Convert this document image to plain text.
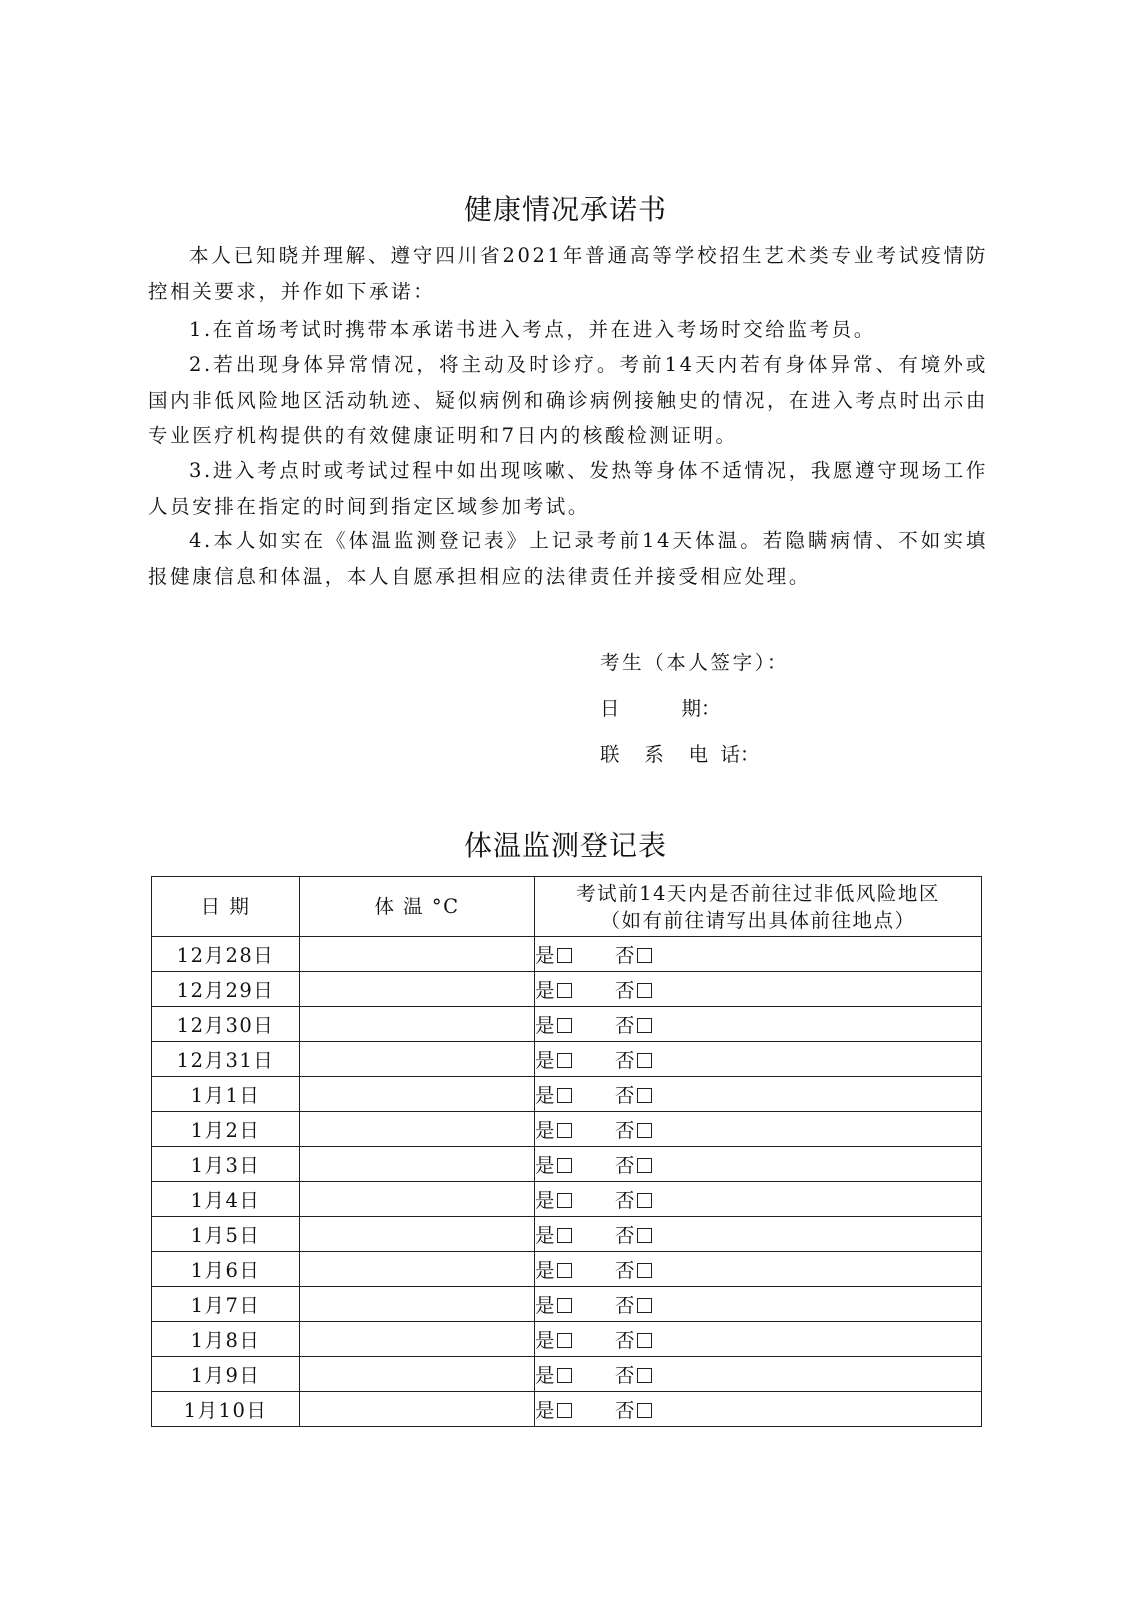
健康情况承诺书

本人已知晓并理解、遵守四川省2021年普通高等学校招生艺术类专业考试疫情防控相关要求，并作如下承诺：

1.在首场考试时携带本承诺书进入考点，并在进入考场时交给监考员。

2.若出现身体异常情况，将主动及时诊疗。考前14天内若有身体异常、有境外或国内非低风险地区活动轨迹、疑似病例和确诊病例接触史的情况，在进入考点时出示由专业医疗机构提供的有效健康证明和7日内的核酸检测证明。

3.进入考点时或考试过程中如出现咳嗽、发热等身体不适情况，我愿遵守现场工作人员安排在指定的时间到指定区域参加考试。

4.本人如实在《体温监测登记表》上记录考前14天体温。若隐瞒病情、不如实填报健康信息和体温，本人自愿承担相应的法律责任并接受相应处理。

考生（本人签字）：

日          期：

联    系    电  话：

体温监测登记表
日 期	体 温 °C	考试前14天内是否前往过非低风险地区
（如有前往请写出具体前往地点）

12月28日		是 否
12月29日		是 否
12月30日		是 否
12月31日		是 否
1月1日		是 否
1月2日		是 否
1月3日		是 否
1月4日		是 否
1月5日		是 否
1月6日		是 否
1月7日		是 否
1月8日		是 否
1月9日		是 否
1月10日		是 否
